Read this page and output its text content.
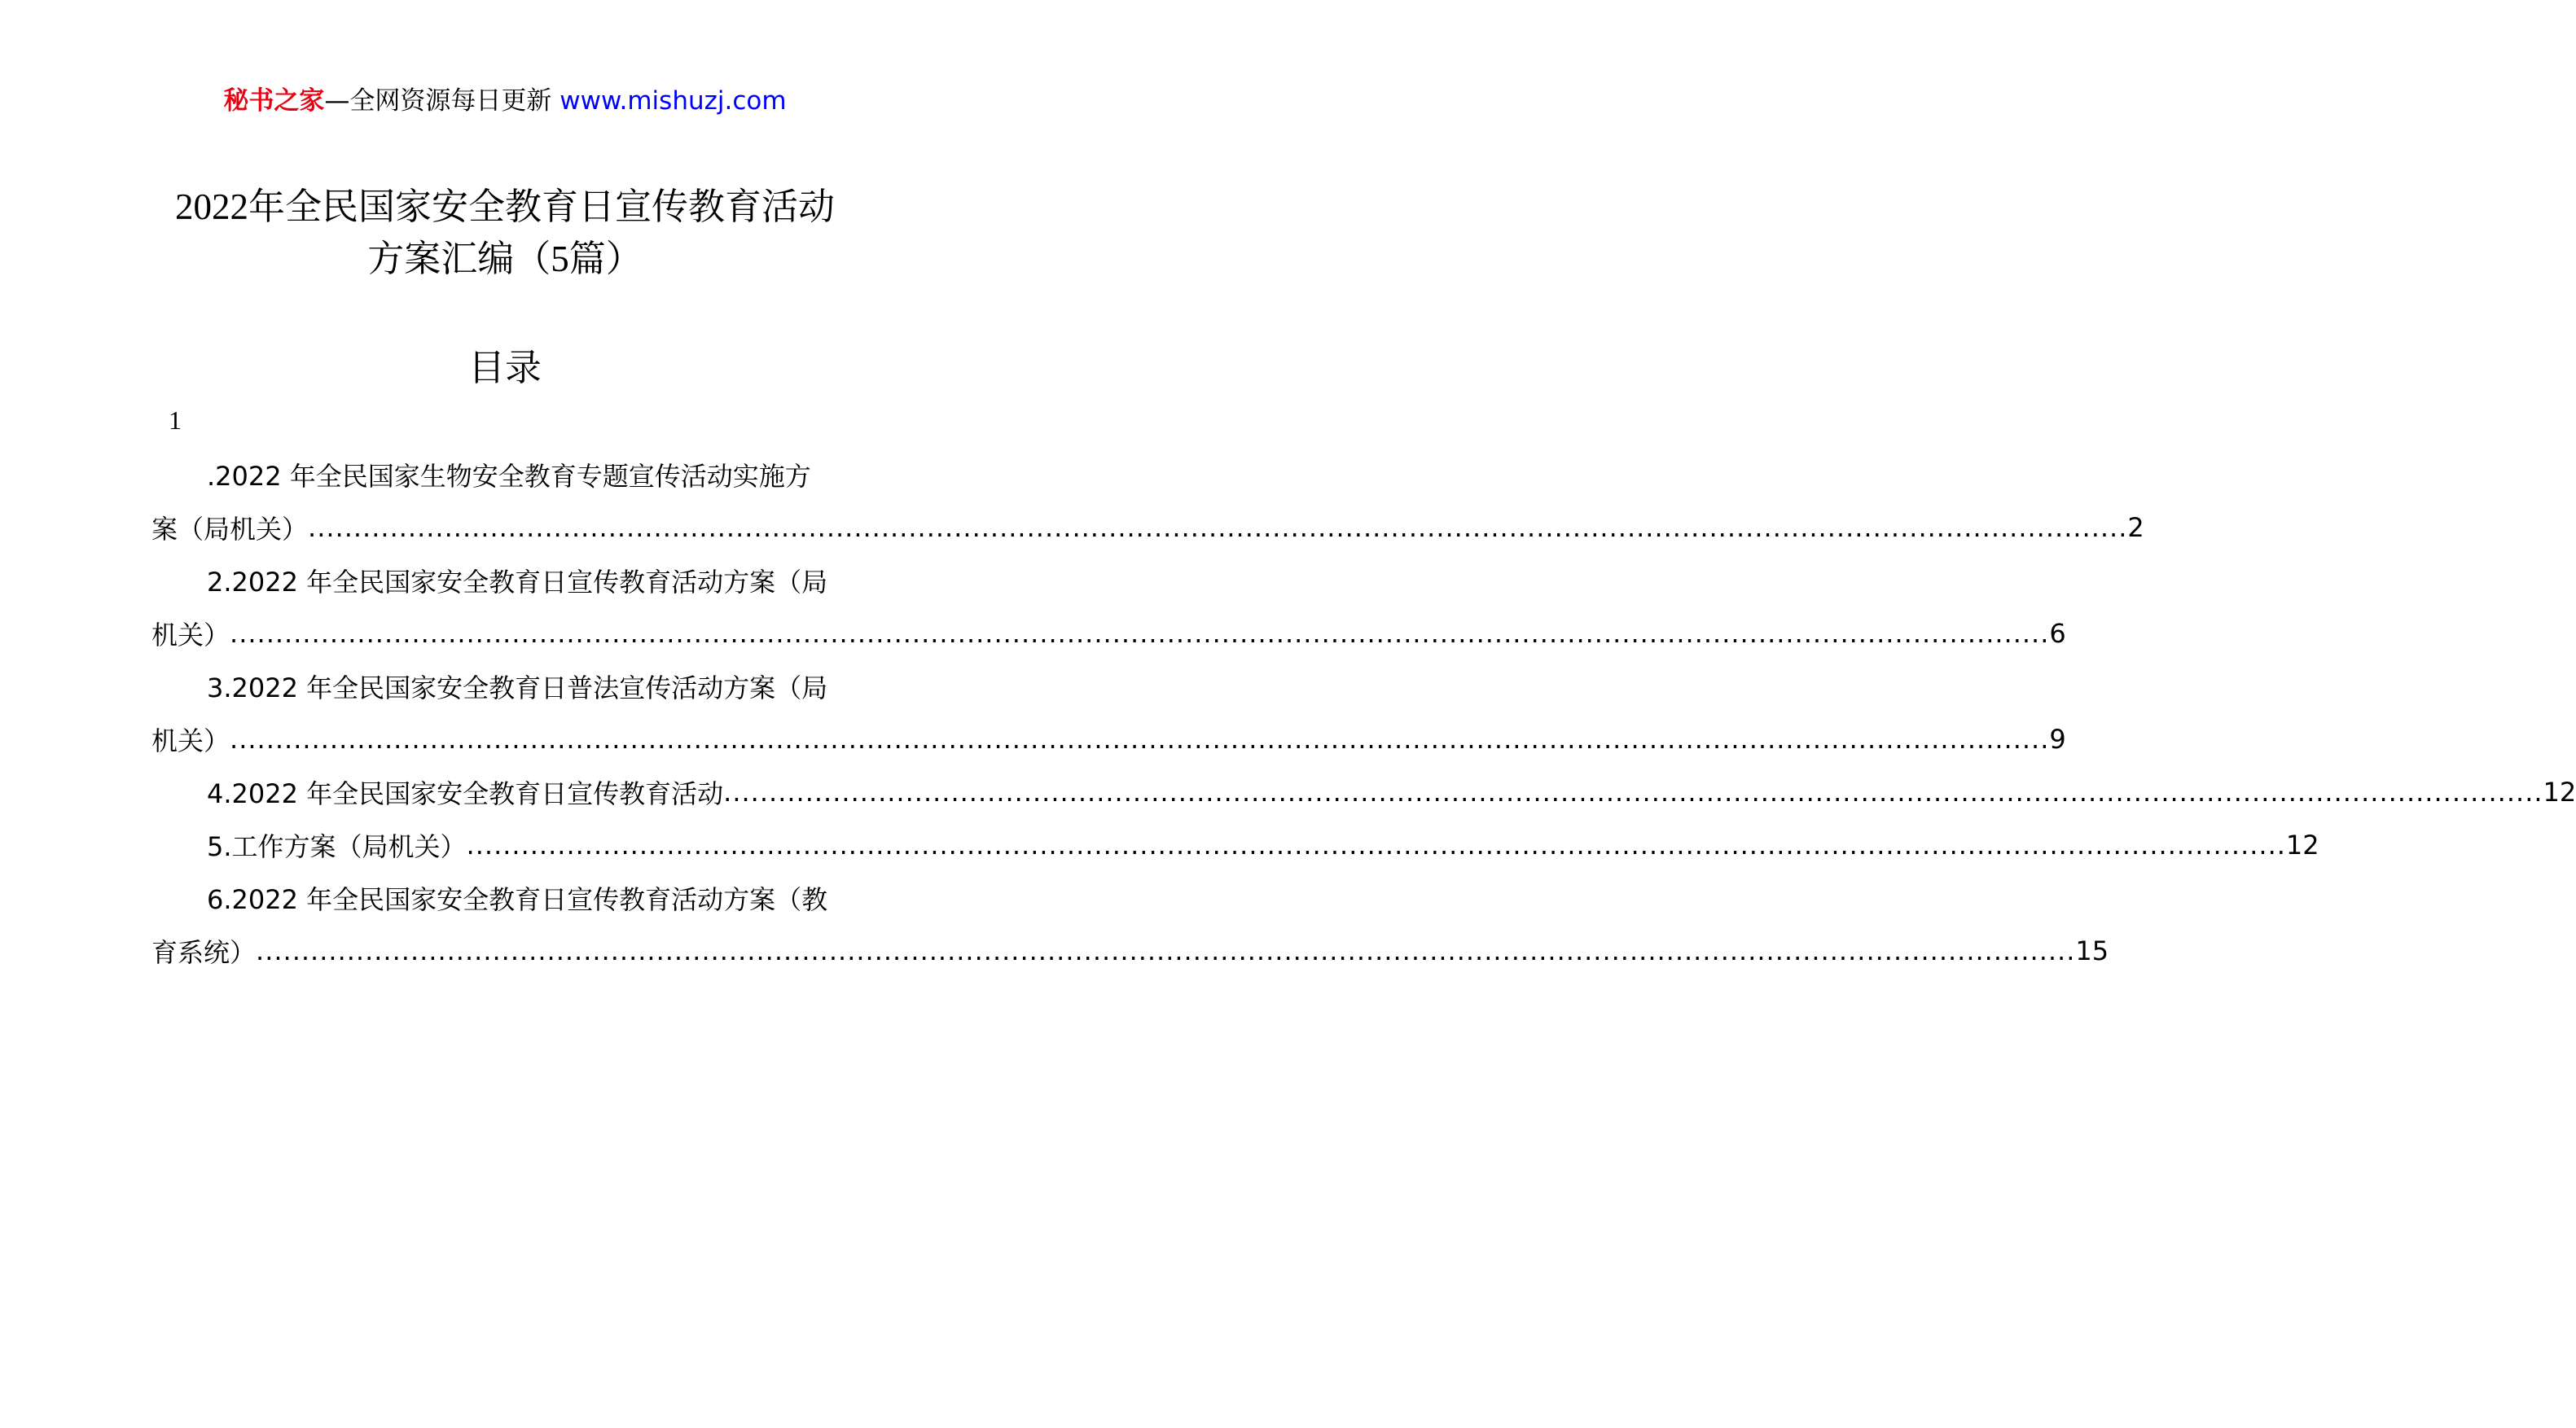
秘书之家—全网资源每日更新 www.mishuzj.com
2022年全民国家安全教育日宣传教育活动
方案汇编（5篇）
目录
1
.2022 年全民国家生物安全教育专题宣传活动实施方
案（局机关） ........................................................................................................................................................................................................ 2
2.2022 年全民国家安全教育日宣传教育活动方案（局
机关） ........................................................................................................................................................................................................ 6
3.2022 年全民国家安全教育日普法宣传活动方案（局
机关） ........................................................................................................................................................................................................ 9
4.2022 年全民国家安全教育日宣传教育活动 ........................................................................................................................................................................................................ 12
5.工作方案（局机关） ........................................................................................................................................................................................................ 12
6.2022 年全民国家安全教育日宣传教育活动方案（教
育系统） ........................................................................................................................................................................................................ 15
